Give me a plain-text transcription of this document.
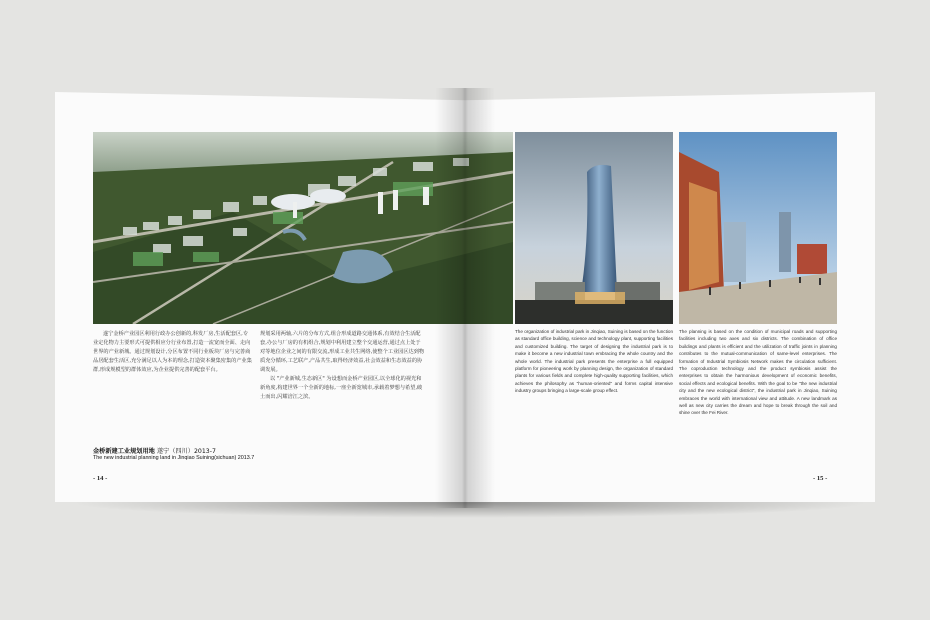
遂宁金桥产业园区利用行政办公创新的,科发厂房,生活配套区,专业定化物力主要形式可提供相应分行业布置,打造一流宽而全面、走向世界的产业新城。通过规划设计,分区布置不同行业板块厂房与完善商品居配套生活区,充分满足以人为本的理念,打造资本聚集密集的产业集群,形成规模型的群体效应,为企业提供完善的配套平台。
规划采用两轴,六片的分布方式,组合形成道路交通体系,有效结合生活配套,办公与厂房的有机组合,规划中利用建立整个交通运营,通过点上处于对等地位企业之间的有限交流,形成工业共生网络,使整个工业园区达到物质充分循环,工艺联产,产品共生,取得经济效益,社会效益和生态效益的协调发展。
以 "产业新城,生态新区" 为设想而金桥产业园区,以全球化的视光和新角度,构建世界一个全新的地标,一座全新宽城市,承载着梦想与希望,破土而出,闪耀涪江之滨。
金桥新建工业规划用地 遂宁（四川）2013-7
The new industrial planning land in Jinqiao Suining(sichuan) 2013.7
- 14 -
The organization of industrial park in Jinqiao, Suining is based on the function as standard office building, science and technology plant, supporting facilities and customized building. The target of designing the industrial park is to make it become a new industrial town embracing the whole country and the whole world. The industrial park presents the enterprise a full equipped platform for pioneering work by planning design, the organization of standard plants for various fields and complete high-quality supporting facilities, which achieves the philosophy as "human-oriented" and forms capital intensive industry groups bringing a large-scale group effect.
The planning is based on the condition of municipal roads and supporting facilities including two axes and six districts. The combination of office buildings and plants is efficient and the utilization of traffic joints in planning contributes to the mutual-communication of same-level enterprises. The formation of Industrial Symbiosis Network makes the circulation sufficient. The coproduction technology and the product symbiosis assist the enterprises to obtain the harmonious development of economic benefits, social effects and ecological benefits. With the goal to be "the new industrial city and the new ecological district", the industrial park in Jinqiao, Suining embraces the world with international view and attitude. A new landmark as well as new city carries the dream and hope to break through the soil and shine over the Fei River.
- 15 -
